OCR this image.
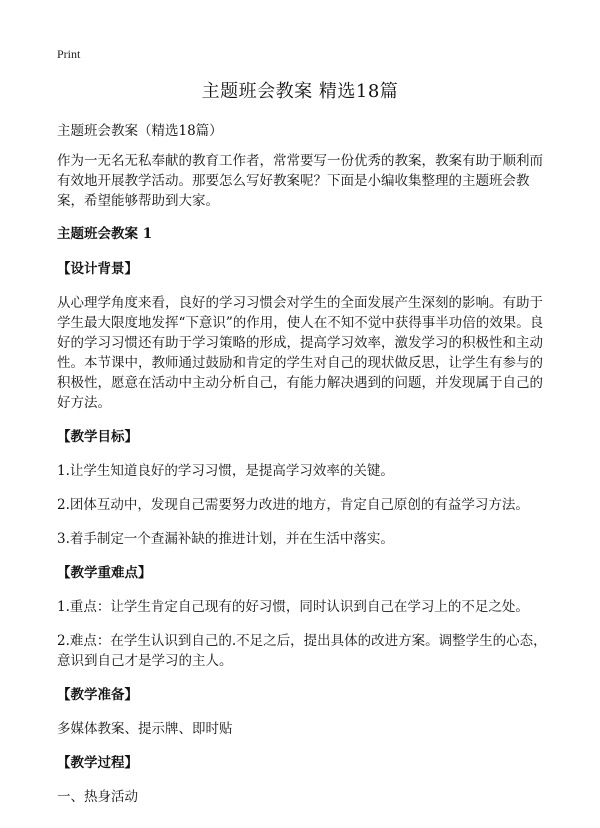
Print
主题班会教案 精选18篇

主题班会教案（精选18篇）

作为一无名无私奉献的教育工作者，常常要写一份优秀的教案，教案有助于顺利而有效地开展教学活动。那要怎么写好教案呢？下面是小编收集整理的主题班会教案，希望能够帮助到大家。

主题班会教案 1

【设计背景】

从心理学角度来看，良好的学习习惯会对学生的全面发展产生深刻的影响。有助于学生最大限度地发挥“下意识”的作用，使人在不知不觉中获得事半功倍的效果。良好的学习习惯还有助于学习策略的形成，提高学习效率，激发学习的积极性和主动性。本节课中，教师通过鼓励和肯定的学生对自己的现状做反思，让学生有参与的积极性，愿意在活动中主动分析自己，有能力解决遇到的问题，并发现属于自己的好方法。

【教学目标】

1.让学生知道良好的学习习惯，是提高学习效率的关键。

2.团体互动中，发现自己需要努力改进的地方，肯定自己原创的有益学习方法。

3.着手制定一个查漏补缺的推进计划，并在生活中落实。

【教学重难点】

1.重点：让学生肯定自己现有的好习惯，同时认识到自己在学习上的不足之处。

2.难点：在学生认识到自己的.不足之后，提出具体的改进方案。调整学生的心态，意识到自己才是学习的主人。

【教学准备】

多媒体教案、提示牌、即时贴

【教学过程】

一、热身活动
